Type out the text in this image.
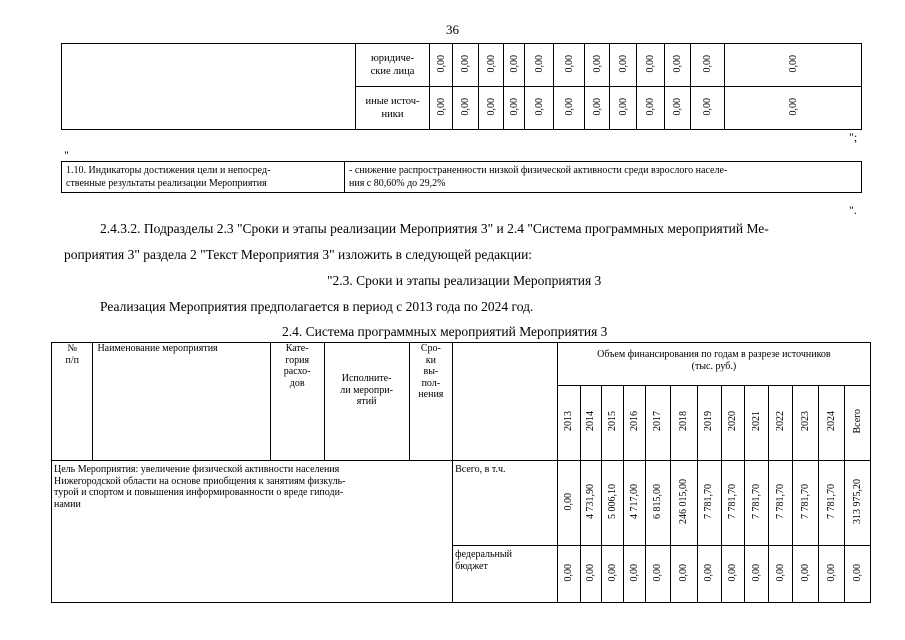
36
	юридиче-
ские лица	0,00	0,00	0,00	0,00	0,00	0,00	0,00	0,00	0,00	0,00	0,00	0,00
	иные источ-
ники	0,00	0,00	0,00	0,00	0,00	0,00	0,00	0,00	0,00	0,00	0,00	0,00
";
"
1.10. Индикаторы достижения цели и непосред-
ственные результаты реализации Мероприятия	- снижение распространенности низкой физической активности среди взрослого населе-
ния с 80,60% до 29,2%
".
2.4.3.2. Подразделы 2.3 "Сроки и этапы реализации Мероприятия 3" и 2.4 "Система программных мероприятий Ме-
роприятия 3" раздела 2 "Текст Мероприятия 3" изложить в следующей редакции:
"2.3. Сроки и этапы реализации Мероприятия 3
Реализация Мероприятия предполагается в период с 2013 года по 2024 год.
2.4. Система программных мероприятий Мероприятия 3
№
п/п	Наименование мероприятия	Кате-
гория
расхо-
дов	Исполните-
ли меропри-
ятий	Сро-
ки
вы-
пол-
нения		Объем финансирования по годам в разрезе источников
(тыс. руб.)												
						2013	2014	2015	2016	2017	2018	2019	2020	2021	2022	2023	2024	Всего
Цель Мероприятия: увеличение физической активности населения
Нижегородской области на основе приобщения к занятиям физкуль-
турой и спортом и повышения информированности о вреде гиподи-
намии					Всего, в т.ч.	0,00	4 731,90	5 006,10	4 717,00	6 815,00	246 015,00	7 781,70	7 781,70	7 781,70	7 781,70	7 781,70	7 781,70	313 975,20
					федеральный
бюджет	0,00	0,00	0,00	0,00	0,00	0,00	0,00	0,00	0,00	0,00	0,00	0,00	0,00
